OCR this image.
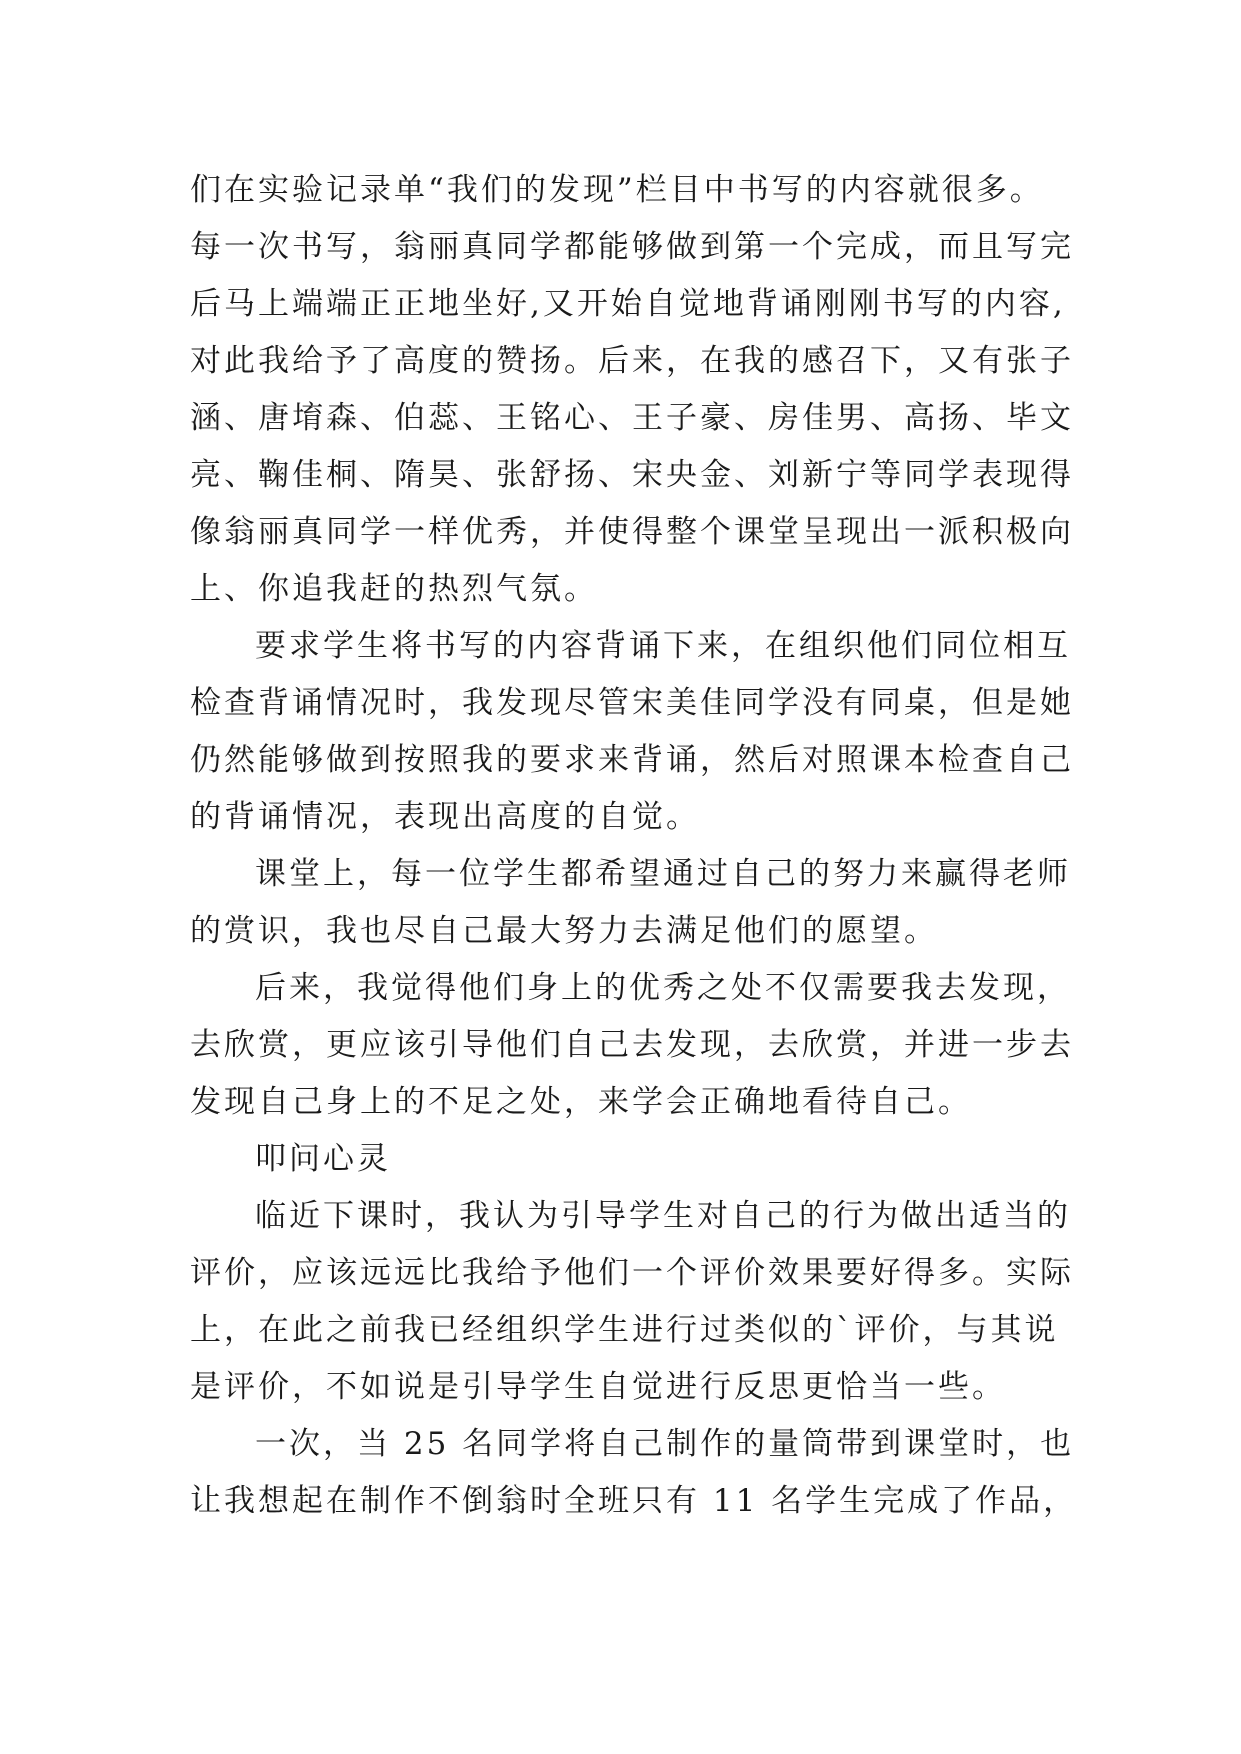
们在实验记录单“我们的发现”栏目中书写的内容就很多。
每一次书写，翁丽真同学都能够做到第一个完成，而且写完
后马上端端正正地坐好,又开始自觉地背诵刚刚书写的内容,
对此我给予了高度的赞扬。后来，在我的感召下，又有张子
涵、唐堉森、伯蕊、王铭心、王子豪、房佳男、高扬、毕文
亮、鞠佳桐、隋昊、张舒扬、宋央金、刘新宁等同学表现得
像翁丽真同学一样优秀，并使得整个课堂呈现出一派积极向
上、你追我赶的热烈气氛。
要求学生将书写的内容背诵下来，在组织他们同位相互
检查背诵情况时，我发现尽管宋美佳同学没有同桌，但是她
仍然能够做到按照我的要求来背诵，然后对照课本检查自己
的背诵情况，表现出高度的自觉。
课堂上，每一位学生都希望通过自己的努力来赢得老师
的赏识，我也尽自己最大努力去满足他们的愿望。
后来，我觉得他们身上的优秀之处不仅需要我去发现，
去欣赏，更应该引导他们自己去发现，去欣赏，并进一步去
发现自己身上的不足之处，来学会正确地看待自己。
叩问心灵
临近下课时，我认为引导学生对自己的行为做出适当的
评价，应该远远比我给予他们一个评价效果要好得多。实际
上，在此之前我已经组织学生进行过类似的`评价，与其说
是评价，不如说是引导学生自觉进行反思更恰当一些。
一次，当 25 名同学将自己制作的量筒带到课堂时，也
让我想起在制作不倒翁时全班只有 11 名学生完成了作品，
